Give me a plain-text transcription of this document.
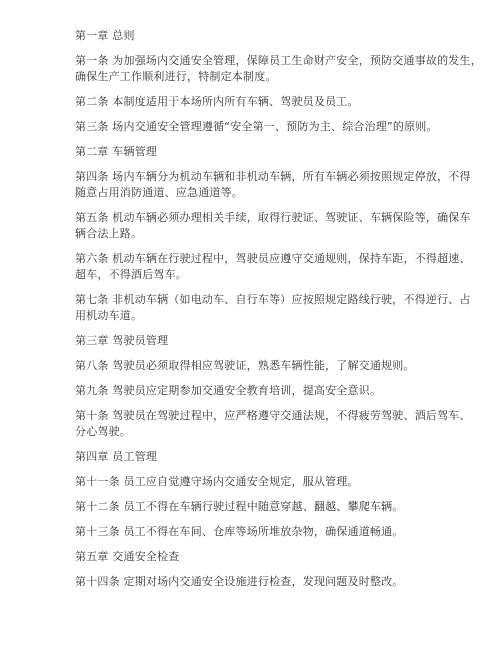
第一章 总则
第一条 为加强场内交通安全管理，保障员工生命财产安全，预防交通事故的发生，
确保生产工作顺利进行，特制定本制度。
第二条 本制度适用于本场所内所有车辆、驾驶员及员工。
第三条 场内交通安全管理遵循“安全第一、预防为主、综合治理”的原则。
第二章 车辆管理
第四条 场内车辆分为机动车辆和非机动车辆，所有车辆必须按照规定停放，不得
随意占用消防通道、应急通道等。
第五条 机动车辆必须办理相关手续，取得行驶证、驾驶证、车辆保险等，确保车
辆合法上路。
第六条 机动车辆在行驶过程中，驾驶员应遵守交通规则，保持车距，不得超速、
超车，不得酒后驾车。
第七条 非机动车辆（如电动车、自行车等）应按照规定路线行驶，不得逆行、占
用机动车道。
第三章 驾驶员管理
第八条 驾驶员必须取得相应驾驶证，熟悉车辆性能，了解交通规则。
第九条 驾驶员应定期参加交通安全教育培训，提高安全意识。
第十条 驾驶员在驾驶过程中，应严格遵守交通法规，不得疲劳驾驶、酒后驾车、
分心驾驶。
第四章 员工管理
第十一条 员工应自觉遵守场内交通安全规定，服从管理。
第十二条 员工不得在车辆行驶过程中随意穿越、翻越、攀爬车辆。
第十三条 员工不得在车间、仓库等场所堆放杂物，确保通道畅通。
第五章 交通安全检查
第十四条 定期对场内交通安全设施进行检查，发现问题及时整改。
